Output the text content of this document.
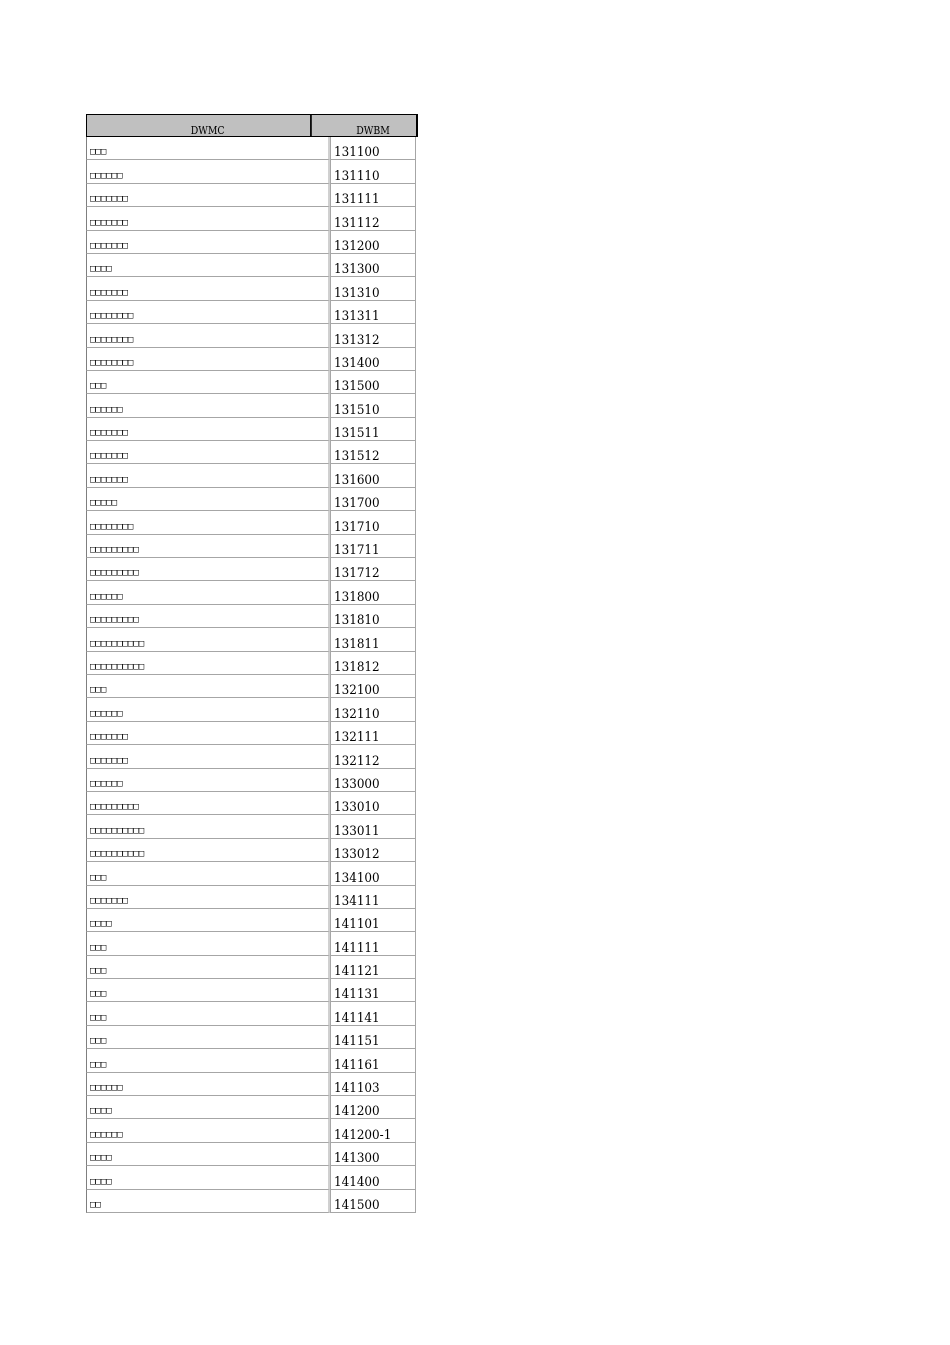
DWMC	DWBM
□□□	131100
□□□□□□	131110
□□□□□□□	131111
□□□□□□□	131112
□□□□□□□	131200
□□□□	131300
□□□□□□□	131310
□□□□□□□□	131311
□□□□□□□□	131312
□□□□□□□□	131400
□□□	131500
□□□□□□	131510
□□□□□□□	131511
□□□□□□□	131512
□□□□□□□	131600
□□□□□	131700
□□□□□□□□	131710
□□□□□□□□□	131711
□□□□□□□□□	131712
□□□□□□	131800
□□□□□□□□□	131810
□□□□□□□□□□	131811
□□□□□□□□□□	131812
□□□	132100
□□□□□□	132110
□□□□□□□	132111
□□□□□□□	132112
□□□□□□	133000
□□□□□□□□□	133010
□□□□□□□□□□	133011
□□□□□□□□□□	133012
□□□	134100
□□□□□□□	134111
□□□□	141101
□□□	141111
□□□	141121
□□□	141131
□□□	141141
□□□	141151
□□□	141161
□□□□□□	141103
□□□□	141200
□□□□□□	141200-1
□□□□	141300
□□□□	141400
□□	141500
